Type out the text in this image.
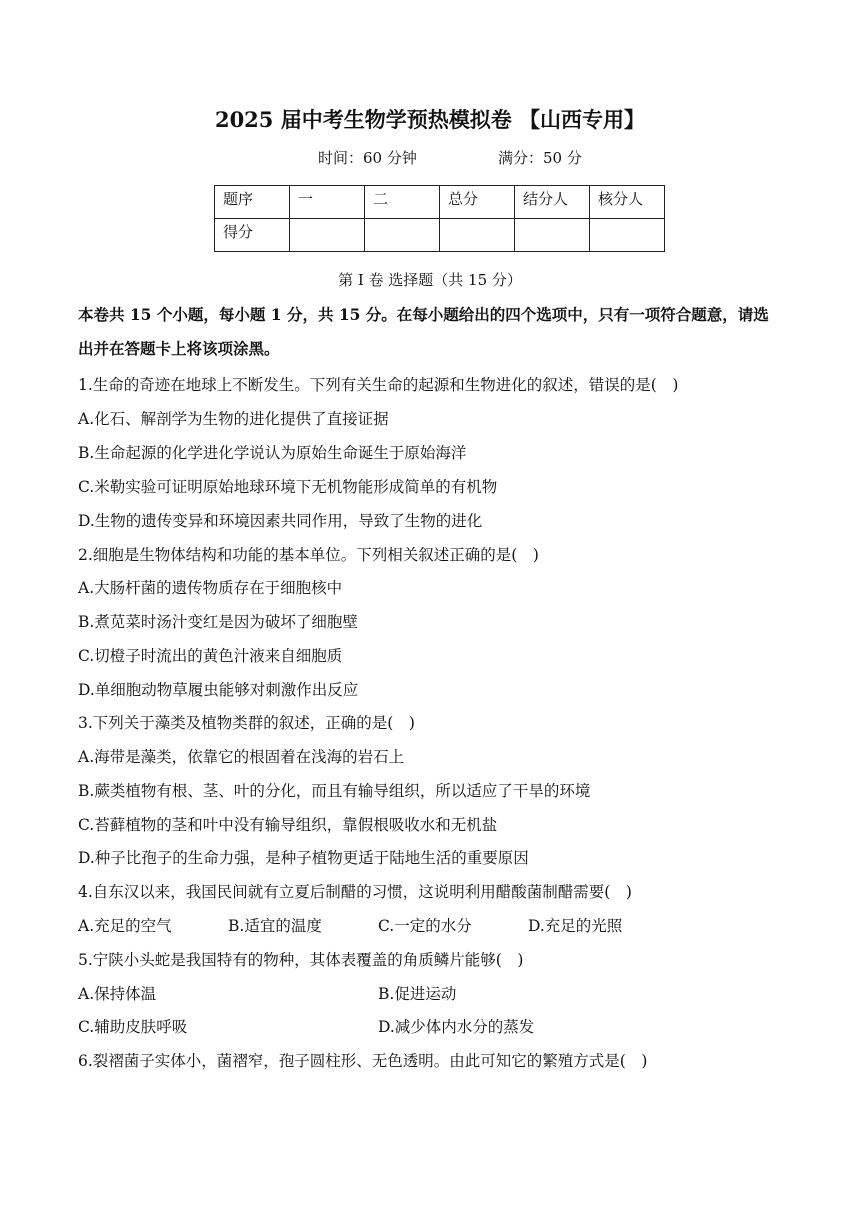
2025 届中考生物学预热模拟卷 【山西专用】
时间：60 分钟	满分：50 分
题序	一	二	总分	结分人	核分人
得分					
第 I 卷 选择题（共 15 分）
本卷共 15 个小题，每小题 1 分，共 15 分。在每小题给出的四个选项中，只有一项符合题意，请选出并在答题卡上将该项涂黑。
1.生命的奇迹在地球上不断发生。下列有关生命的起源和生物进化的叙述，错误的是(　)
A.化石、解剖学为生物的进化提供了直接证据
B.生命起源的化学进化学说认为原始生命诞生于原始海洋
C.米勒实验可证明原始地球环境下无机物能形成简单的有机物
D.生物的遗传变异和环境因素共同作用，导致了生物的进化
2.细胞是生物体结构和功能的基本单位。下列相关叙述正确的是(　)
A.大肠杆菌的遗传物质存在于细胞核中
B.煮苋菜时汤汁变红是因为破坏了细胞壁
C.切橙子时流出的黄色汁液来自细胞质
D.单细胞动物草履虫能够对刺激作出反应
3.下列关于藻类及植物类群的叙述，正确的是(　)
A.海带是藻类，依靠它的根固着在浅海的岩石上
B.蕨类植物有根、茎、叶的分化，而且有输导组织，所以适应了干旱的环境
C.苔藓植物的茎和叶中没有输导组织，靠假根吸收水和无机盐
D.种子比孢子的生命力强，是种子植物更适于陆地生活的重要原因
4.自东汉以来，我国民间就有立夏后制醋的习惯，这说明利用醋酸菌制醋需要(　)
A.充足的空气	B.适宜的温度	C.一定的水分	D.充足的光照
5.宁陕小头蛇是我国特有的物种，其体表覆盖的角质鳞片能够(　)
A.保持体温	B.促进运动
C.辅助皮肤呼吸	D.减少体内水分的蒸发
6.裂褶菌子实体小，菌褶窄，孢子圆柱形、无色透明。由此可知它的繁殖方式是(　)
